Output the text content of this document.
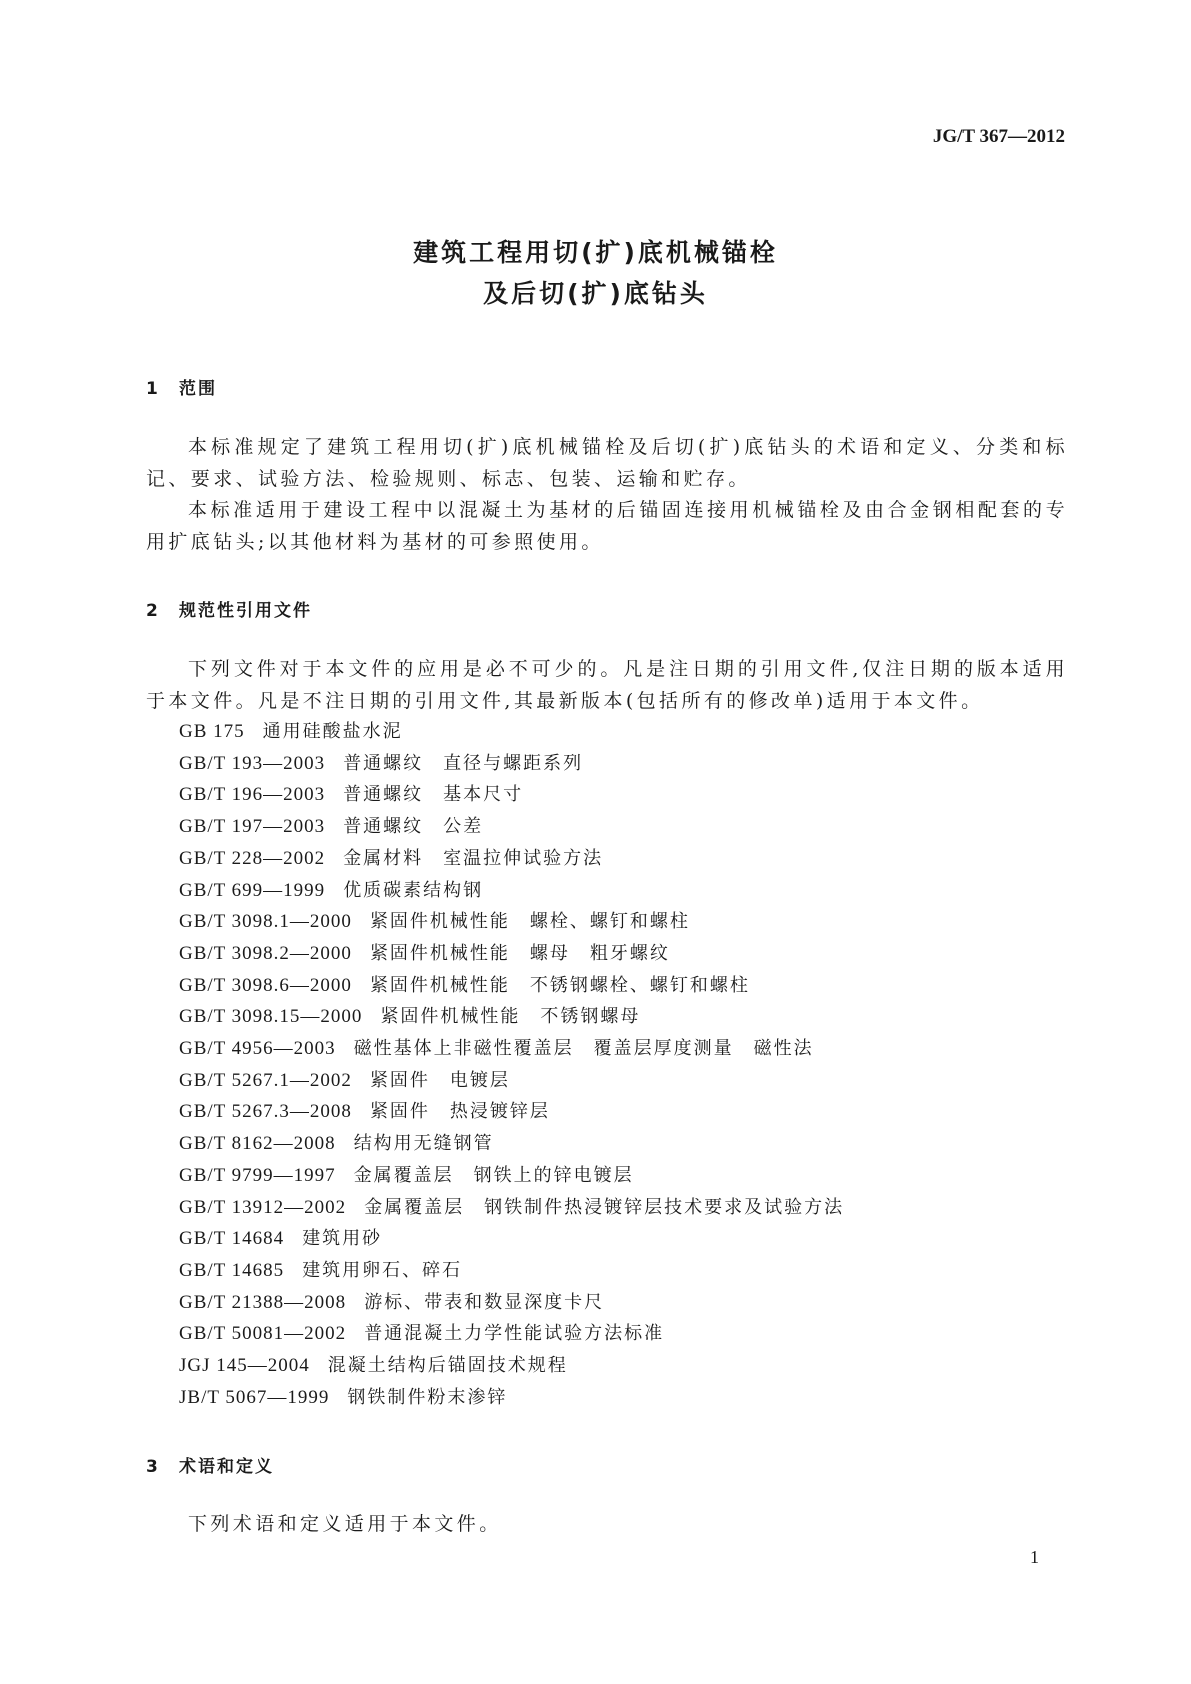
JG/T 367—2012
建筑工程用切(扩)底机械锚栓
及后切(扩)底钻头
1 范围
本标准规定了建筑工程用切(扩)底机械锚栓及后切(扩)底钻头的术语和定义、分类和标记、要求、试验方法、检验规则、标志、包装、运输和贮存。
本标准适用于建设工程中以混凝土为基材的后锚固连接用机械锚栓及由合金钢相配套的专用扩底钻头;以其他材料为基材的可参照使用。
2 规范性引用文件
下列文件对于本文件的应用是必不可少的。凡是注日期的引用文件,仅注日期的版本适用于本文件。凡是不注日期的引用文件,其最新版本(包括所有的修改单)适用于本文件。
GB 175 通用硅酸盐水泥
GB/T 193—2003 普通螺纹　直径与螺距系列
GB/T 196—2003 普通螺纹　基本尺寸
GB/T 197—2003 普通螺纹　公差
GB/T 228—2002 金属材料　室温拉伸试验方法
GB/T 699—1999 优质碳素结构钢
GB/T 3098.1—2000 紧固件机械性能　螺栓、螺钉和螺柱
GB/T 3098.2—2000 紧固件机械性能　螺母　粗牙螺纹
GB/T 3098.6—2000 紧固件机械性能　不锈钢螺栓、螺钉和螺柱
GB/T 3098.15—2000 紧固件机械性能　不锈钢螺母
GB/T 4956—2003 磁性基体上非磁性覆盖层　覆盖层厚度测量　磁性法
GB/T 5267.1—2002 紧固件　电镀层
GB/T 5267.3—2008 紧固件　热浸镀锌层
GB/T 8162—2008 结构用无缝钢管
GB/T 9799—1997 金属覆盖层　钢铁上的锌电镀层
GB/T 13912—2002 金属覆盖层　钢铁制件热浸镀锌层技术要求及试验方法
GB/T 14684 建筑用砂
GB/T 14685 建筑用卵石、碎石
GB/T 21388—2008 游标、带表和数显深度卡尺
GB/T 50081—2002 普通混凝土力学性能试验方法标准
JGJ 145—2004 混凝土结构后锚固技术规程
JB/T 5067—1999 钢铁制件粉末渗锌
3 术语和定义
下列术语和定义适用于本文件。
1
